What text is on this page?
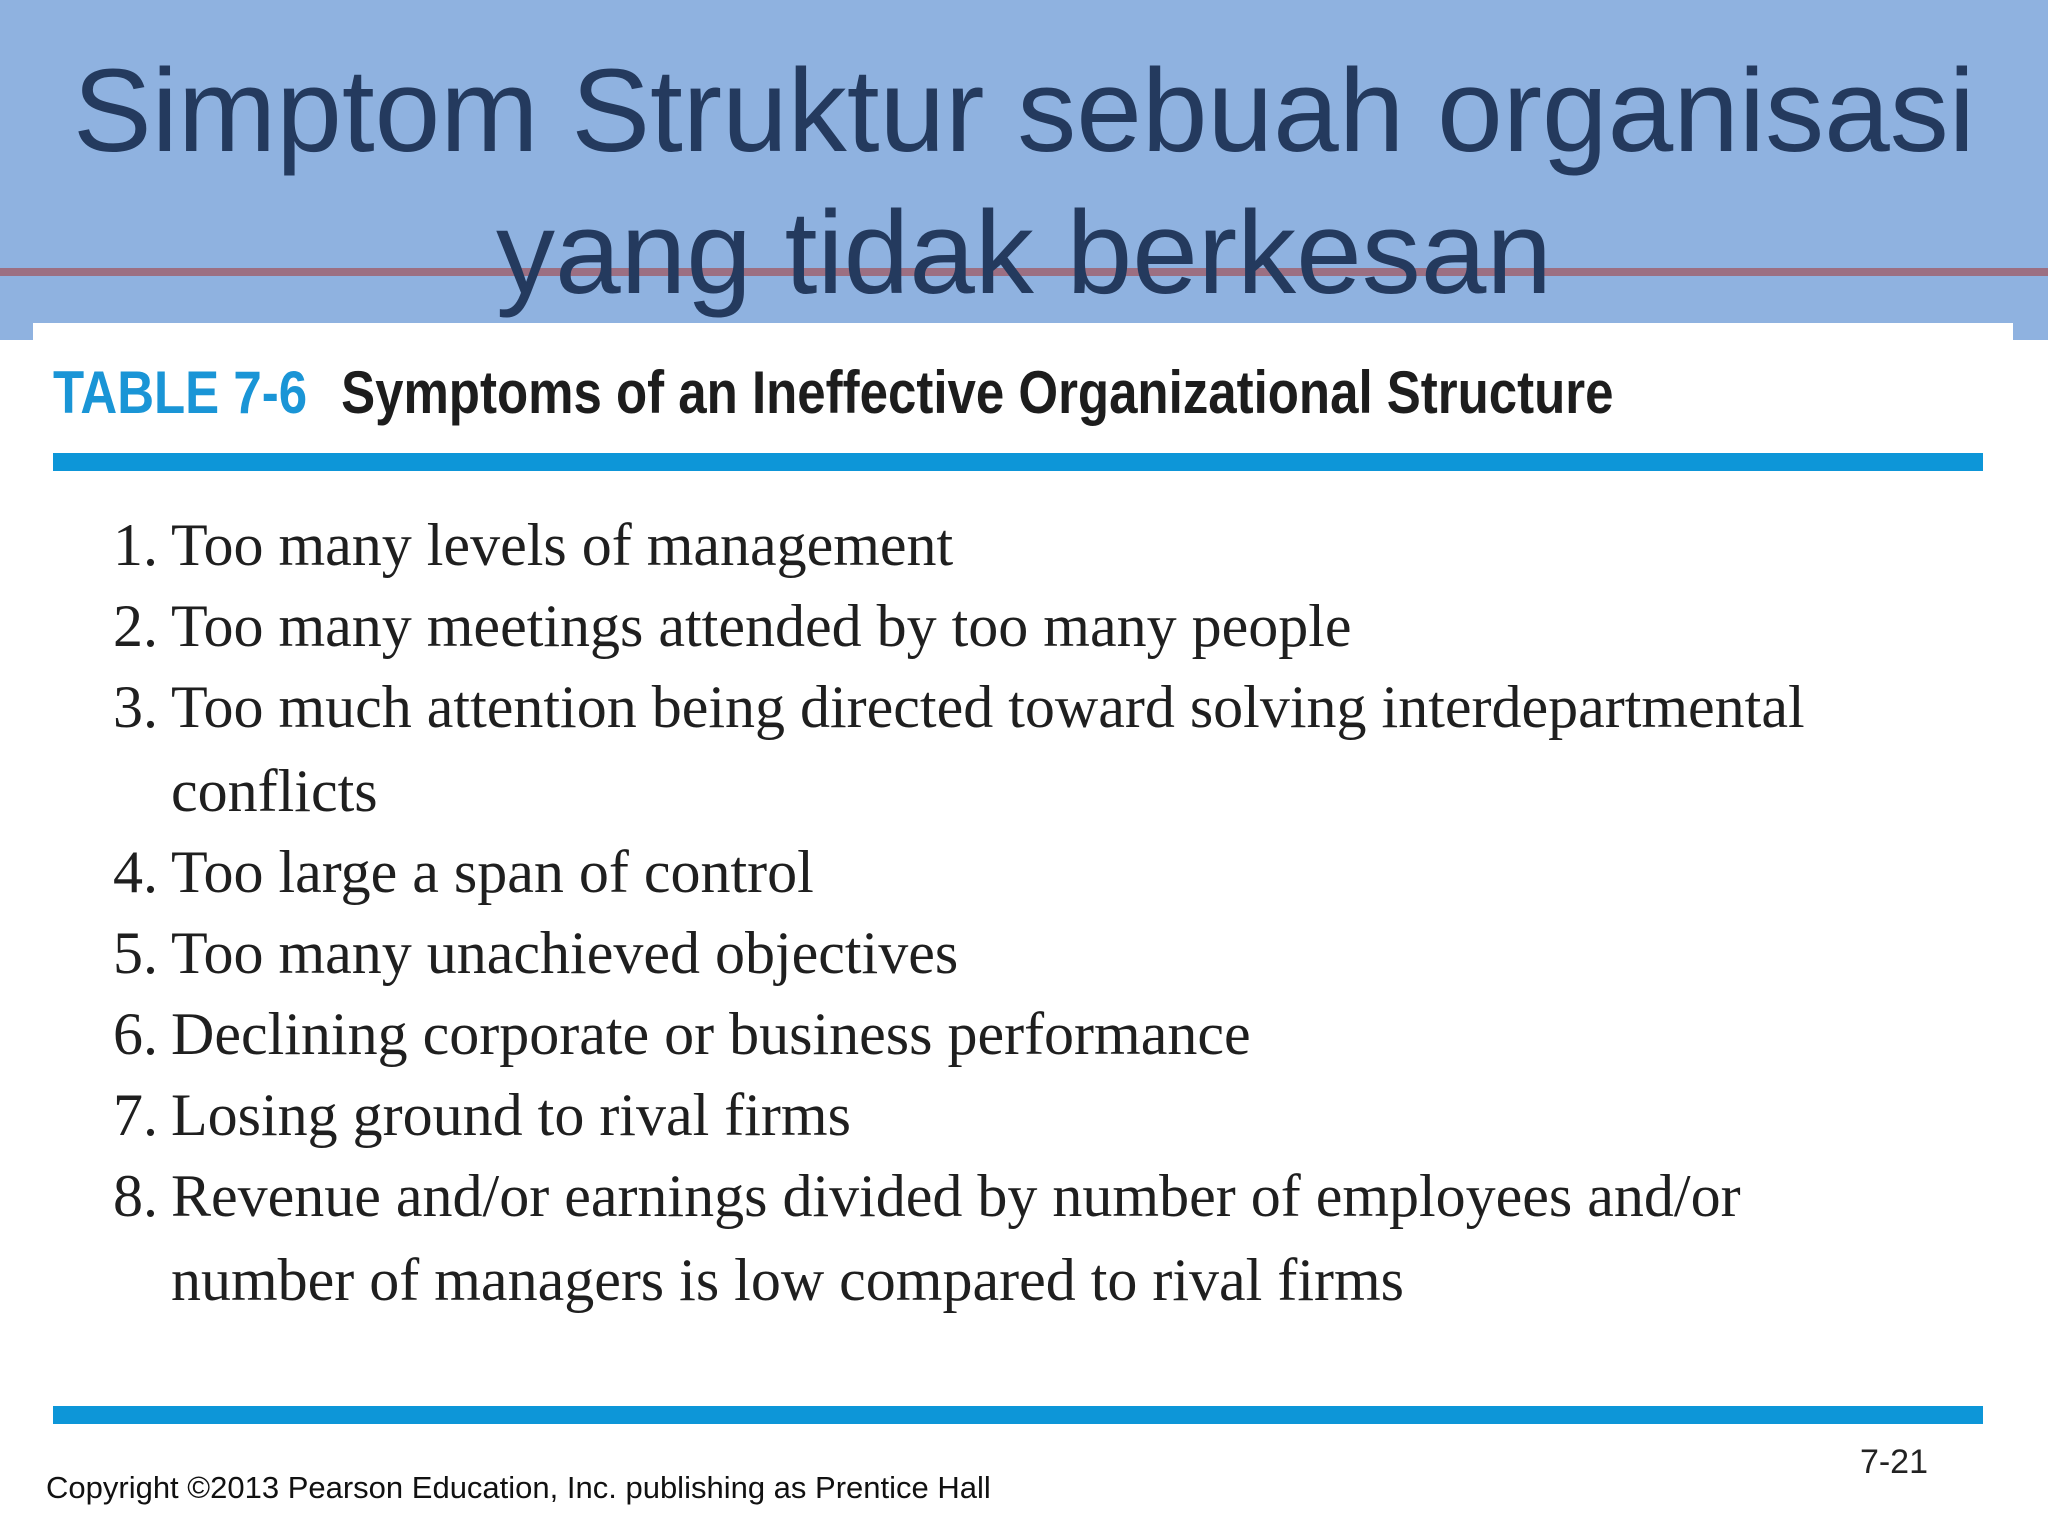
Simptom Struktur sebuah organisasi yang tidak berkesan
TABLE 7-6 Symptoms of an Ineffective Organizational Structure
1. Too many levels of management
2. Too many meetings attended by too many people
3. Too much attention being directed toward solving interdepartmental conflicts
4. Too large a span of control
5. Too many unachieved objectives
6. Declining corporate or business performance
7. Losing ground to rival firms
8. Revenue and/or earnings divided by number of employees and/or number of managers is low compared to rival firms
7-21
Copyright ©2013 Pearson Education, Inc. publishing as Prentice Hall
